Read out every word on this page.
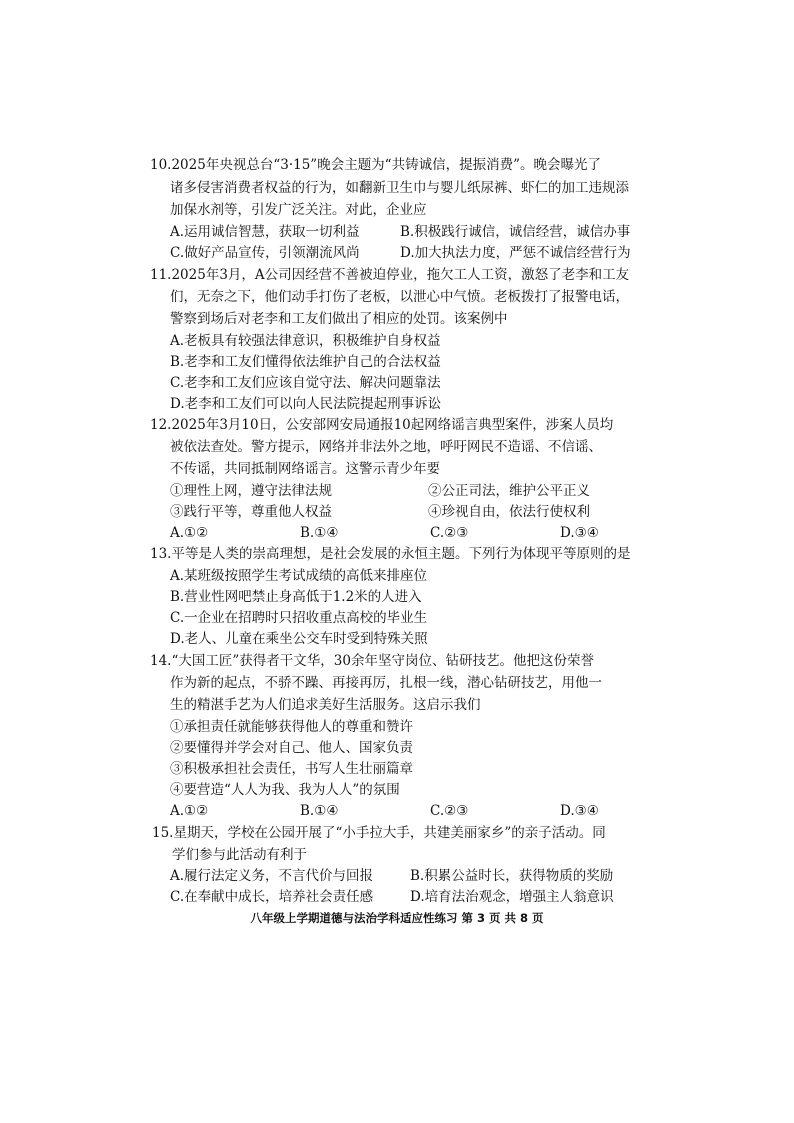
10.2025年央视总台“3·15”晚会主题为“共铸诚信，提振消费”。晚会曝光了
诸多侵害消费者权益的行为，如翻新卫生巾与婴儿纸尿裤、虾仁的加工违规添
加保水剂等，引发广泛关注。对此，企业应
A.运用诚信智慧，获取一切利益	B.积极践行诚信，诚信经营，诚信办事
C.做好产品宣传，引领潮流风尚	D.加大执法力度，严惩不诚信经营行为
11.2025年3月，A公司因经营不善被迫停业，拖欠工人工资，激怒了老李和工友
们，无奈之下，他们动手打伤了老板，以泄心中气愤。老板拨打了报警电话，
警察到场后对老李和工友们做出了相应的处罚。该案例中
A.老板具有较强法律意识，积极维护自身权益
B.老李和工友们懂得依法维护自己的合法权益
C.老李和工友们应该自觉守法、解决问题靠法
D.老李和工友们可以向人民法院提起刑事诉讼
12.2025年3月10日，公安部网安局通报10起网络谣言典型案件，涉案人员均
被依法查处。警方提示，网络并非法外之地，呼吁网民不造谣、不信谣、
不传谣，共同抵制网络谣言。这警示青少年要
①理性上网，遵守法律法规	②公正司法，维护公平正义
③践行平等，尊重他人权益	④珍视自由，依法行使权利
A.①②	B.①④	C.②③	D.③④
13.平等是人类的崇高理想，是社会发展的永恒主题。下列行为体现平等原则的是
A.某班级按照学生考试成绩的高低来排座位
B.营业性网吧禁止身高低于1.2米的人进入
C.一企业在招聘时只招收重点高校的毕业生
D.老人、儿童在乘坐公交车时受到特殊关照
14.“大国工匠”获得者干文华，30余年坚守岗位、钻研技艺。他把这份荣誉
作为新的起点，不骄不躁、再接再厉，扎根一线，潜心钻研技艺，用他一
生的精湛手艺为人们追求美好生活服务。这启示我们
①承担责任就能够获得他人的尊重和赞许
②要懂得并学会对自己、他人、国家负责
③积极承担社会责任，书写人生壮丽篇章
④要营造“人人为我、我为人人”的氛围
A.①②	B.①④	C.②③	D.③④
15.星期天，学校在公园开展了“小手拉大手，共建美丽家乡”的亲子活动。同
学们参与此活动有利于
A.履行法定义务，不言代价与回报	B.积累公益时长，获得物质的奖励
C.在奉献中成长，培养社会责任感	D.培育法治观念，增强主人翁意识
八年级上学期道德与法治学科适应性练习 第 3 页 共 8 页
